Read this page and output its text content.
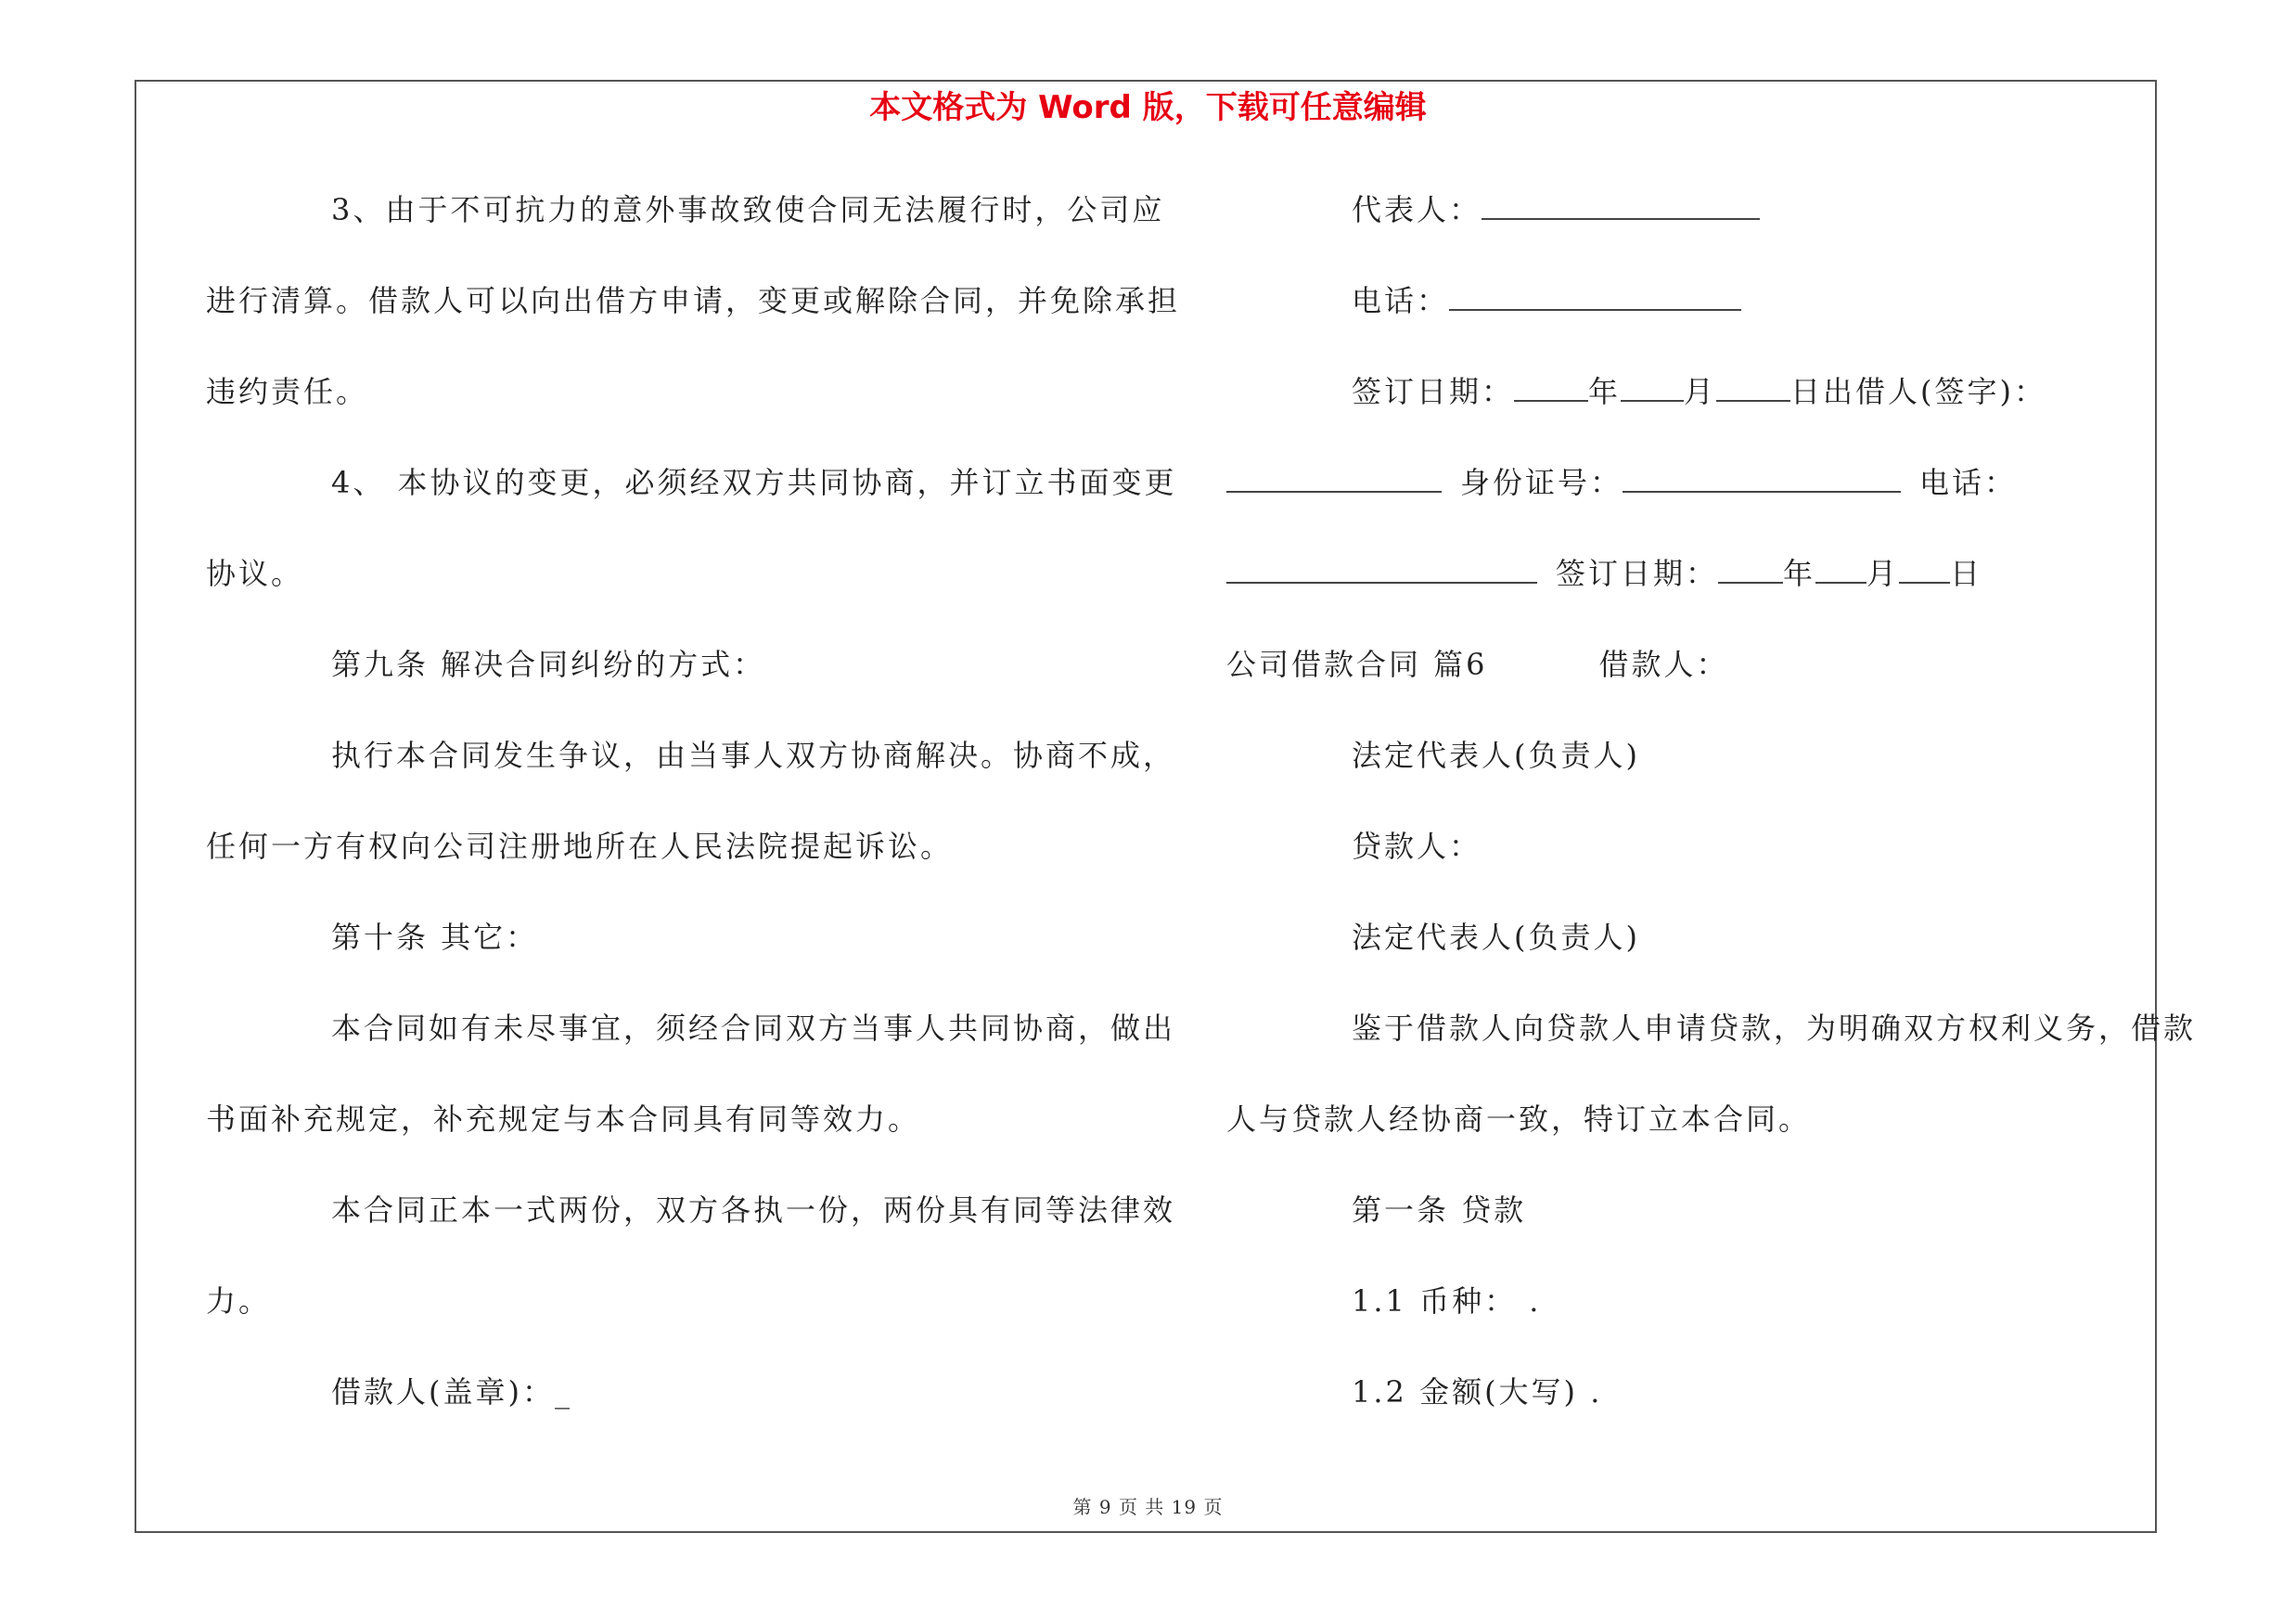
本文格式为 Word 版，下载可任意编辑
3、由于不可抗力的意外事故致使合同无法履行时，公司应
进行清算。借款人可以向出借方申请，变更或解除合同，并免除承担
违约责任。
4、 本协议的变更，必须经双方共同协商，并订立书面变更
协议。
第九条 解决合同纠纷的方式：
执行本合同发生争议，由当事人双方协商解决。协商不成，
任何一方有权向公司注册地所在人民法院提起诉讼。
第十条 其它：
本合同如有未尽事宜，须经合同双方当事人共同协商，做出
书面补充规定，补充规定与本合同具有同等效力。
本合同正本一式两份，双方各执一份，两份具有同等法律效
力。
借款人(盖章)：_
代表人：
电话：
签订日期：	年 月	日出借人(签字)：
身份证号：	电话：
签订日期： 年 月 日
公司借款合同 篇6	借款人：
法定代表人(负责人)
贷款人：
法定代表人(负责人)
鉴于借款人向贷款人申请贷款，为明确双方权利义务，借款
人与贷款人经协商一致，特订立本合同。
第一条 贷款
1.1 币种： .
1.2 金额(大写) .
第 9 页 共 19 页
